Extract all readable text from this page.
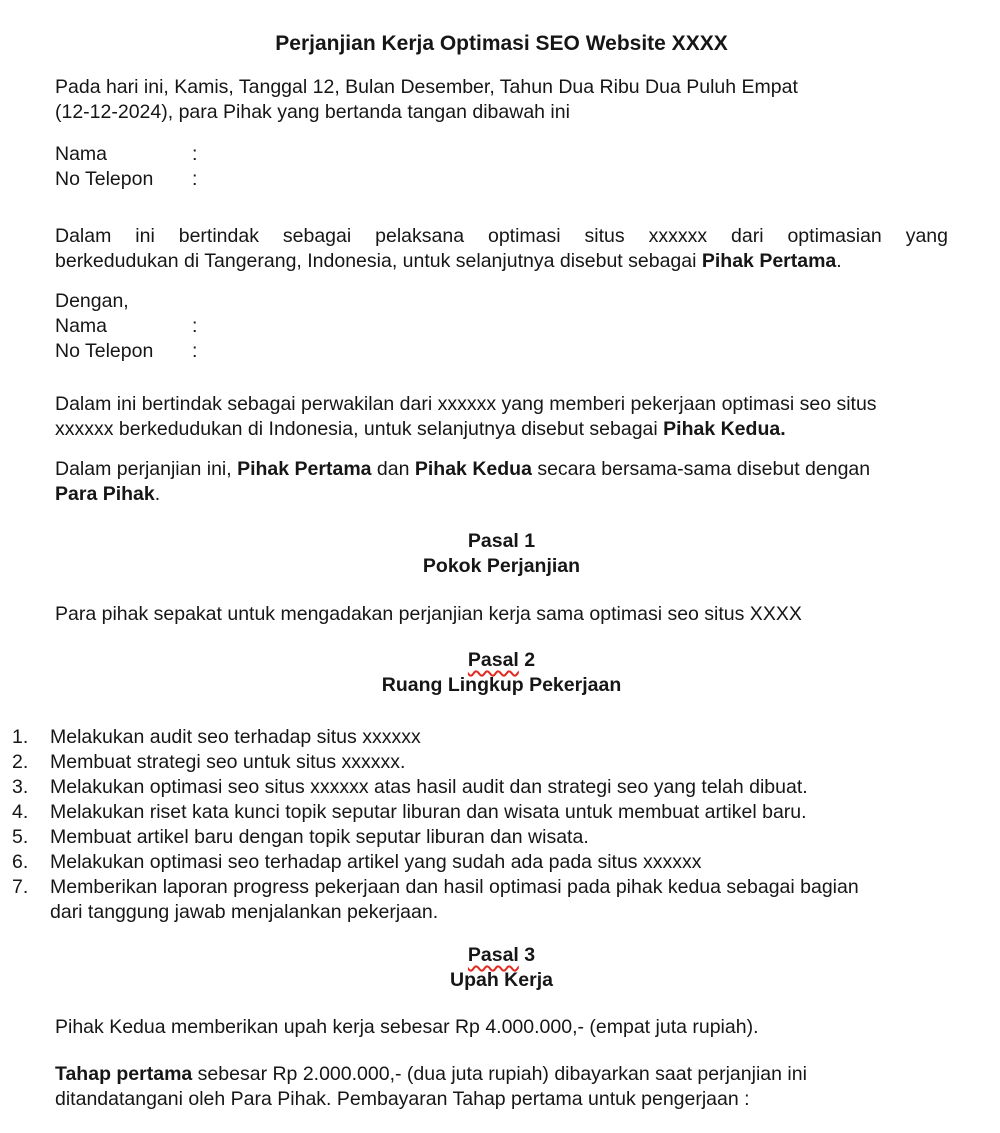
Perjanjian Kerja Optimasi SEO Website XXXX
Pada hari ini, Kamis, Tanggal 12, Bulan Desember, Tahun Dua Ribu Dua Puluh Empat
(12-12-2024), para Pihak yang bertanda tangan dibawah ini
Nama	:
No Telepon	:
Dalam ini bertindak sebagai pelaksana optimasi situs xxxxxx dari optimasian yang
berkedudukan di Tangerang, Indonesia, untuk selanjutnya disebut sebagai Pihak Pertama.
Dengan,
Nama	:
No Telepon	:
Dalam ini bertindak sebagai perwakilan dari xxxxxx yang memberi pekerjaan optimasi seo situs
xxxxxx berkedudukan di Indonesia, untuk selanjutnya disebut sebagai Pihak Kedua.
Dalam perjanjian ini, Pihak Pertama dan Pihak Kedua secara bersama-sama disebut dengan
Para Pihak.
Pasal 1
Pokok Perjanjian

Para pihak sepakat untuk mengadakan perjanjian kerja sama optimasi seo situs XXXX

Pasal 2
Ruang Lingkup Pekerjaan
1.	Melakukan audit seo terhadap situs xxxxxx
2.	Membuat strategi seo untuk situs xxxxxx.
3.	Melakukan optimasi seo situs xxxxxx atas hasil audit dan strategi seo yang telah dibuat.
4.	Melakukan riset kata kunci topik seputar liburan dan wisata untuk membuat artikel baru.
5.	Membuat artikel baru dengan topik seputar liburan dan wisata.
6.	Melakukan optimasi seo terhadap artikel yang sudah ada pada situs xxxxxx
7.	Memberikan laporan progress pekerjaan dan hasil optimasi pada pihak kedua sebagai bagian
dari tanggung jawab menjalankan pekerjaan.
Pasal 3
Upah Kerja

Pihak Kedua memberikan upah kerja sebesar Rp 4.000.000,- (empat juta rupiah).

Tahap pertama sebesar Rp 2.000.000,- (dua juta rupiah) dibayarkan saat perjanjian ini
ditandatangani oleh Para Pihak. Pembayaran Tahap pertama untuk pengerjaan :
